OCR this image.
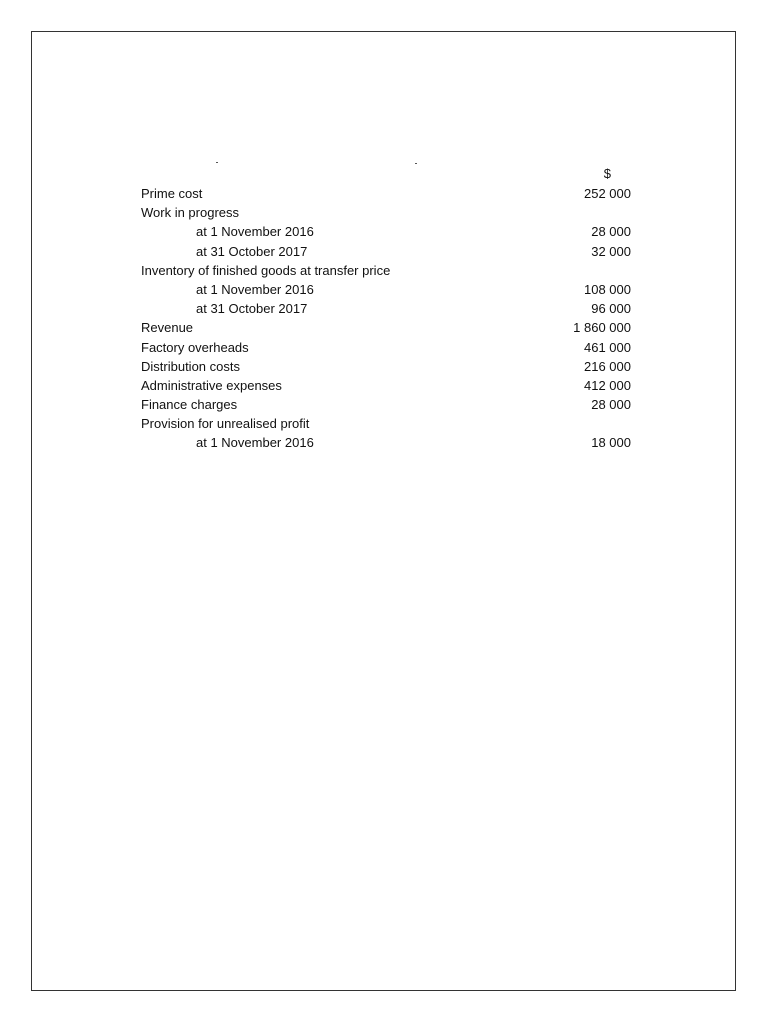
$
Prime cost	252 000
Work in progress
at 1 November 2016	28 000
at 31 October 2017	32 000
Inventory of finished goods at transfer price
at 1 November 2016	108 000
at 31 October 2017	96 000
Revenue	1 860 000
Factory overheads	461 000
Distribution costs	216 000
Administrative expenses	412 000
Finance charges	28 000
Provision for unrealised profit
at 1 November 2016	18 000
